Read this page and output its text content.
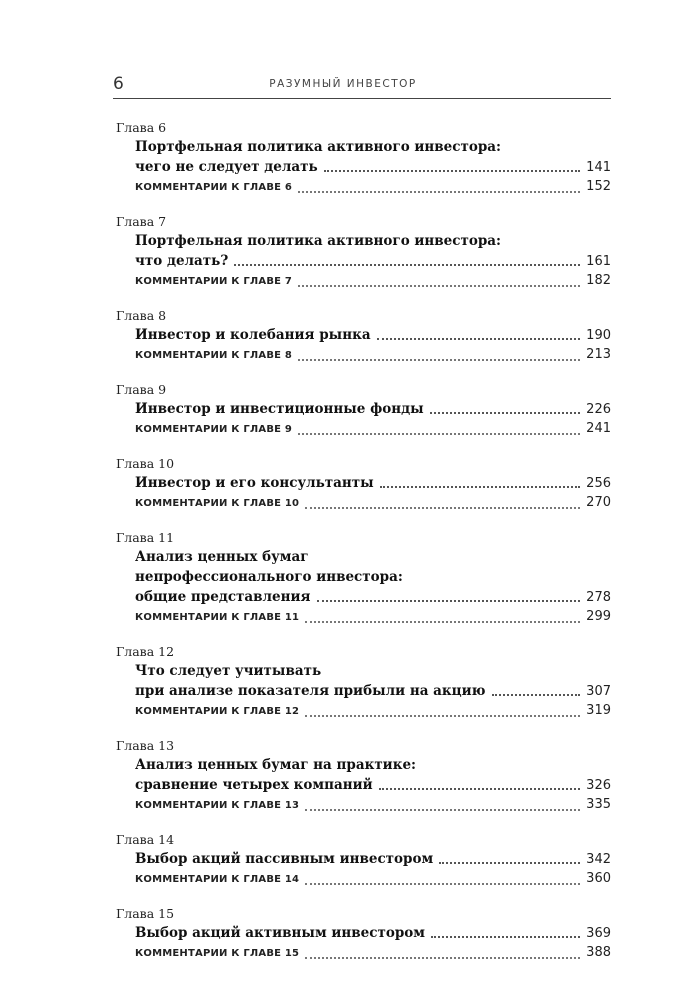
6	РАЗУМНЫЙ ИНВЕСТОР
Глава 6
Портфельная политика активного инвестора:
чего не следует делать	141
КОММЕНТАРИИ К ГЛАВЕ 6	152
Глава 7
Портфельная политика активного инвестора:
что делать?	161
КОММЕНТАРИИ К ГЛАВЕ 7	182
Глава 8
Инвестор и колебания рынка	190
КОММЕНТАРИИ К ГЛАВЕ 8	213
Глава 9
Инвестор и инвестиционные фонды	226
КОММЕНТАРИИ К ГЛАВЕ 9	241
Глава 10
Инвестор и его консультанты	256
КОММЕНТАРИИ К ГЛАВЕ 10	270
Глава 11
Анализ ценных бумаг
непрофессионального инвестора:
общие представления	278
КОММЕНТАРИИ К ГЛАВЕ 11	299
Глава 12
Что следует учитывать
при анализе показателя прибыли на акцию	307
КОММЕНТАРИИ К ГЛАВЕ 12	319
Глава 13
Анализ ценных бумаг на практике:
сравнение четырех компаний	326
КОММЕНТАРИИ К ГЛАВЕ 13	335
Глава 14
Выбор акций пассивным инвестором	342
КОММЕНТАРИИ К ГЛАВЕ 14	360
Глава 15
Выбор акций активным инвестором	369
КОММЕНТАРИИ К ГЛАВЕ 15	388
